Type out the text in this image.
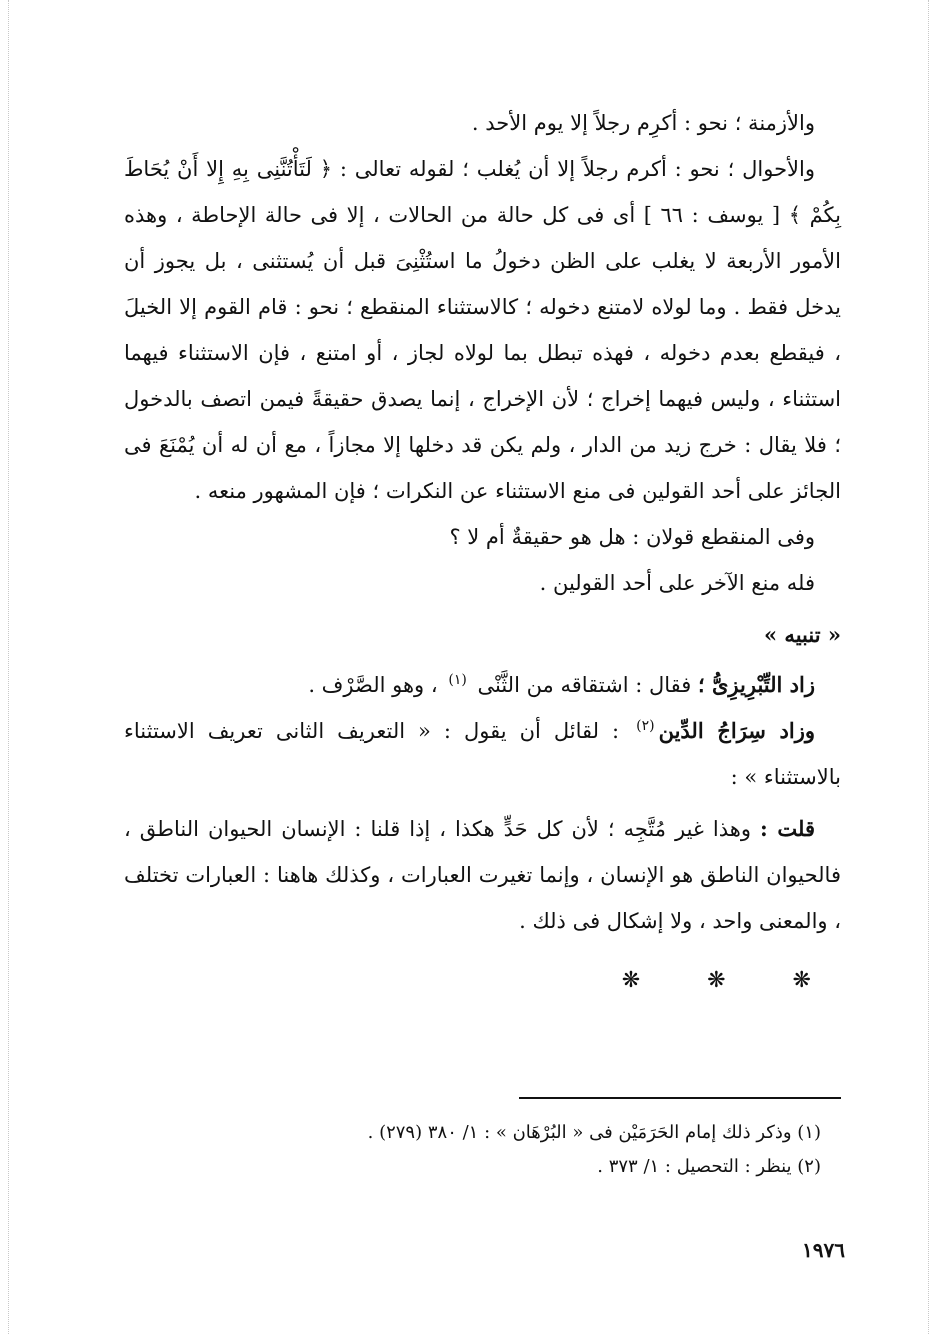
والأزمنة ؛ نحو : أكرِم رجلاً إلا يوم الأحد .

والأحوال ؛ نحو : أكرم رجلاً إلا أن يُغلب ؛ لقوله تعالى : ﴿ لَتَأْتُنَّنِى بِهِ إِلا أَنْ يُحَاطَ بِكُمْ ﴾ [ يوسف : ٦٦ ] أى فى كل حالة من الحالات ، إلا فى حالة الإحاطة ، وهذه الأمور الأربعة لا يغلب على الظن دخولُ ما استُثْنِىَ قبل أن يُستثنى ، بل يجوز أن يدخل فقط . وما لولاه لامتنع دخوله ؛ كالاستثناء المنقطع ؛ نحو : قام القوم إلا الخيلَ ، فيقطع بعدم دخوله ، فهذه تبطل بما لولاه لجاز ، أو امتنع ، فإن الاستثناء فيهما استثناء ، وليس فيهما إخراج ؛ لأن الإخراج ، إنما يصدق حقيقةً فيمن اتصف بالدخول ؛ فلا يقال : خرج زيد من الدار ، ولم يكن قد دخلها إلا مجازاً ، مع أن له أن يُمْنَعَ فى الجائز على أحد القولين فى منع الاستثناء عن النكرات ؛ فإن المشهور منعه .

وفى المنقطع قولان : هل هو حقيقةٌ أم لا ؟

فله منع الآخر على أحد القولين .

« تنبيه »

زاد التِّبْرِيزِىُّ ؛ فقال : اشتقاقه من الثَّنْى $^{(١)}$ ، وهو الصَّرْف .

وزاد سِرَاجُ الدِّين$^{(٢)}$ : لقائل أن يقول : « التعريف الثانى تعريف الاستثناء بالاستثناء » :

قلت : وهذا غير مُتَّجِه ؛ لأن كل حَدٍّ هكذا ، إذا قلنا : الإنسان الحيوان الناطق ، فالحيوان الناطق هو الإنسان ، وإنما تغيرت العبارات ، وكذلك هاهنا : العبارات تختلف ، والمعنى واحد ، ولا إشكال فى ذلك .

❋ ❋ ❋

(١) وذكر ذلك إمام الحَرَمَيْن فى « البُرْهَان » : ١/ ٣٨٠ (٢٧٩) .

(٢) ينظر : التحصيل : ١/ ٣٧٣ .

١٩٧٦
